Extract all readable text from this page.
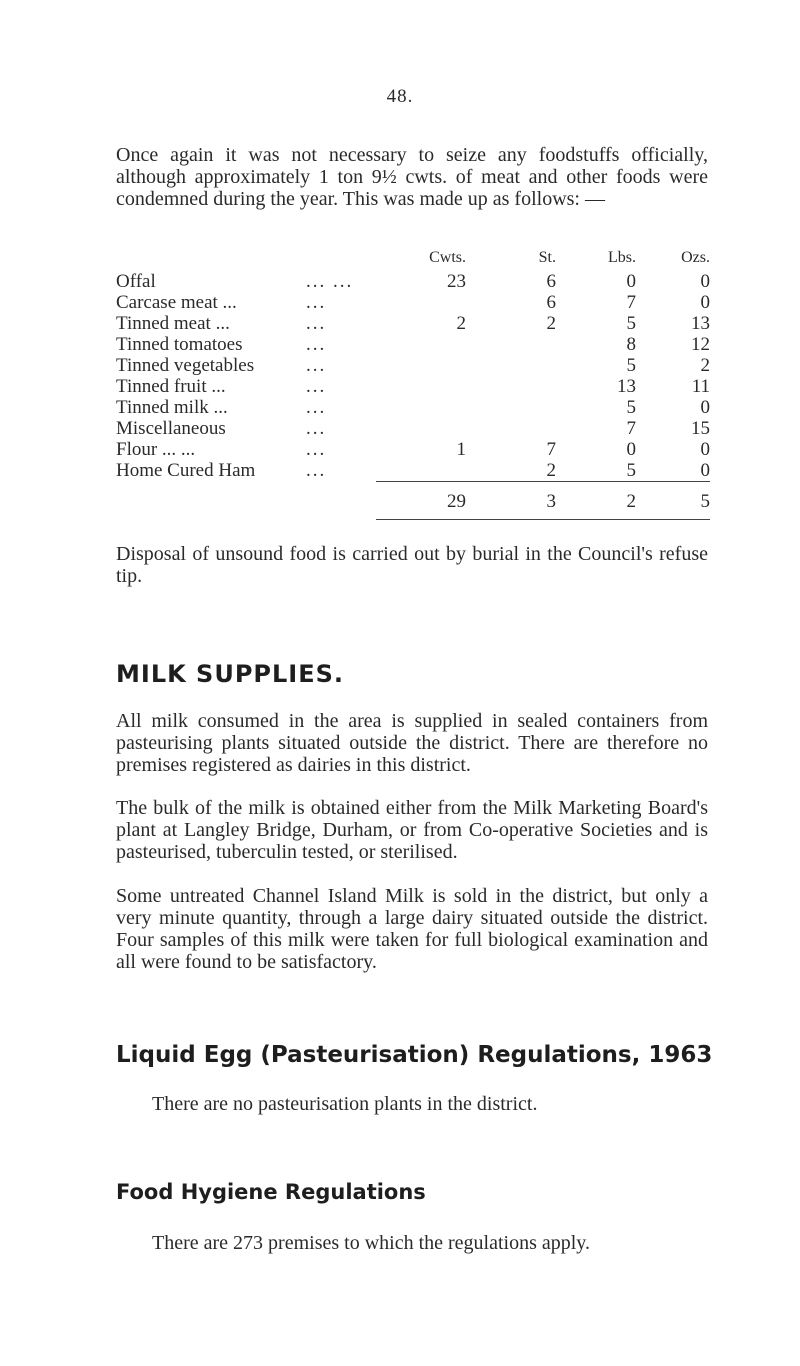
48.

Once again it was not necessary to seize any foodstuffs officially, although approximately 1 ton 9½ cwts. of meat and other foods were condemned during the year. This was made up as follows: —

		Cwts.	St.	Lbs.	Ozs.
Offal	... ...	23	6	0	0
Carcase meat ...	...		6	7	0
Tinned meat ...	...	2	2	5	13
Tinned tomatoes	...			8	12
Tinned vegetables	...			5	2
Tinned fruit ...	...			13	11
Tinned milk ...	...			5	0
Miscellaneous	...			7	15
Flour ... ...	...	1	7	0	0
Home Cured Ham	...		2	5	0
		29	3	2	5

Disposal of unsound food is carried out by burial in the Council's refuse tip.

MILK SUPPLIES.

All milk consumed in the area is supplied in sealed containers from pasteurising plants situated outside the district. There are therefore no premises registered as dairies in this district.

The bulk of the milk is obtained either from the Milk Marketing Board's plant at Langley Bridge, Durham, or from Co-operative Societies and is pasteurised, tuberculin tested, or sterilised.

Some untreated Channel Island Milk is sold in the district, but only a very minute quantity, through a large dairy situated outside the district. Four samples of this milk were taken for full biological examination and all were found to be satisfactory.

Liquid Egg (Pasteurisation) Regulations, 1963

There are no pasteurisation plants in the district.

Food Hygiene Regulations

There are 273 premises to which the regulations apply.
